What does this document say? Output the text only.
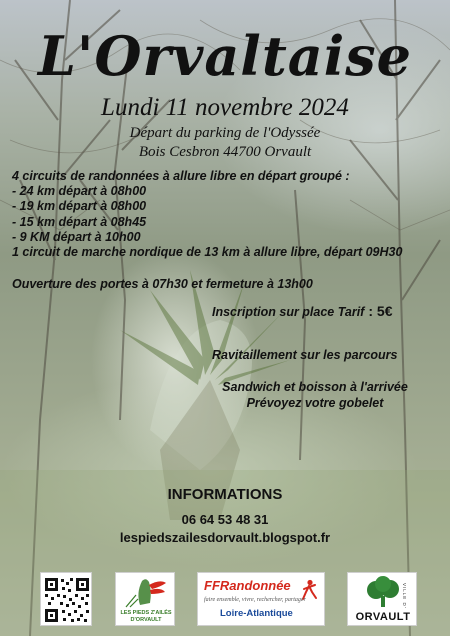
L'Orvaltaise
Lundi 11 novembre 2024
Départ du parking de l'Odyssée
Bois Cesbron 44700 Orvault
4 circuits de randonnées à allure libre en départ groupé :
- 24 km départ à 08h00
- 19 km départ à 08h00
- 15 km départ à 08h45
- 9 KM départ à 10h00
1 circuit de marche nordique de 13 km à allure libre, départ 09H30
Ouverture des portes à 07h30 et fermeture à 13h00
Inscription sur place Tarif : 5€
Ravitaillement sur les parcours
Sandwich et boisson à l'arrivée
Prévoyez votre gobelet
INFORMATIONS
06 64 53 48 31
lespiedszailesdorvault.blogspot.fr
LES PIEDS Z'AILÉS D'ORVAULT
FFRandonnée
faire ensemble, vivre, rechercher, partager
Loire-Atlantique
VILLE D'
ORVAULT
